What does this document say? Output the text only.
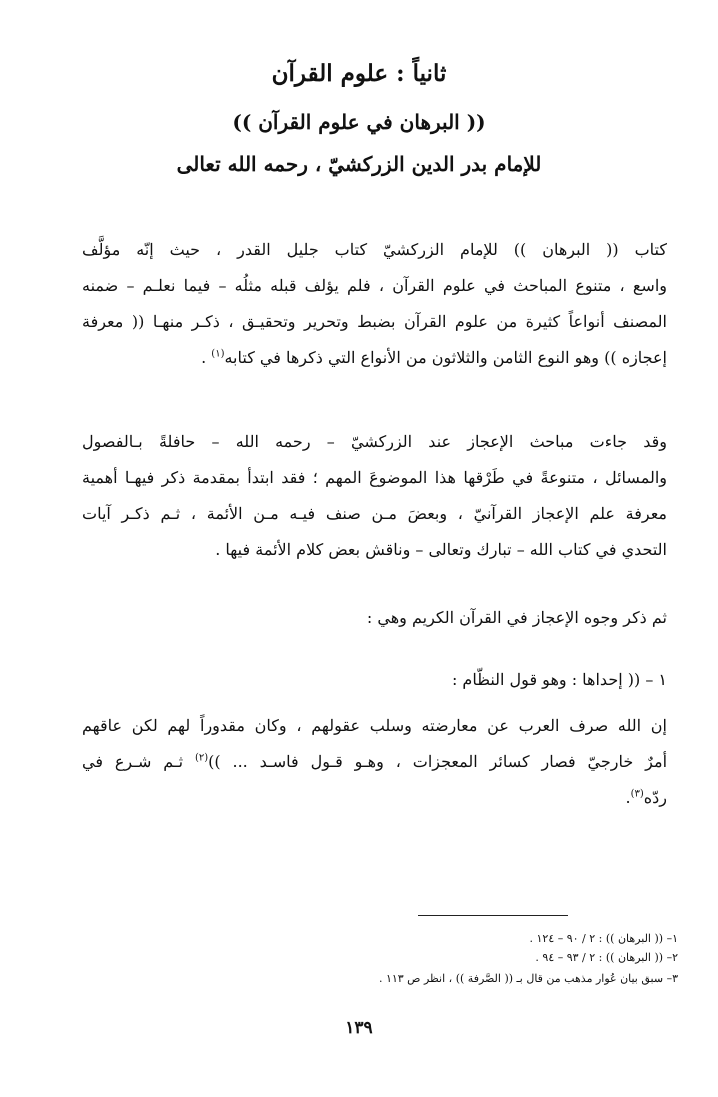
ثانياً : علوم القرآن
(( البرهان في علوم القرآن ))
للإمام بدر الدين الزركشيّ ، رحمه الله تعالى
كتاب (( البرهان )) للإمام الزركشيّ كتاب جليل القدر ، حيث إنّه مؤلَّف
واسع ، متنوع المباحث في علوم القرآن ، فلم يؤلف قبله مثلُه – فيما نعلـم – ضمنه
المصنف أنواعاً كثيرة من علوم القرآن بضبط وتحرير وتحقيـق ، ذكـر منهـا (( معرفة
إعجازه )) وهو النوع الثامن والثلاثون من الأنواع التي ذكرها في كتابه$^{(١)}$ .
وقد جاءت مباحث الإعجاز عند الزركشيّ – رحمه الله – حافلةً بـالفصول
والمسائل ، متنوعةً في طَرْقها هذا الموضوعَ المهم ؛ فقد ابتدأ بمقدمة ذكر فيهـا أهمية
معرفة علم الإعجاز القرآنيّ ، وبعضَ مـن صنف فيـه مـن الأئمة ، ثـم ذكـر آيات
التحدي في كتاب الله – تبارك وتعالى – وناقش بعض كلام الأئمة فيها .
ثم ذكر وجوه الإعجاز في القرآن الكريم وهي :
١ – (( إحداها : وهو قول النظّام :
إن الله صرف العرب عن معارضته وسلب عقولهم ، وكان مقدوراً لهم لكن عاقهم
أمرٌ خارجيّ فصار كسائر المعجزات ، وهـو قـول فاسـد ... ))$^{(٢)}$ ثـم شـرع في
ردّه$^{(٣)}$.
١– (( البرهان )) : ٢ / ٩٠ – ١٢٤ .
٢– (( البرهان )) : ٢ / ٩٣ – ٩٤ .
٣– سبق بيان عُوار مذهب من قال بـ (( الصَّرفة )) ، انظر ص ١١٣ .
١٣٩
